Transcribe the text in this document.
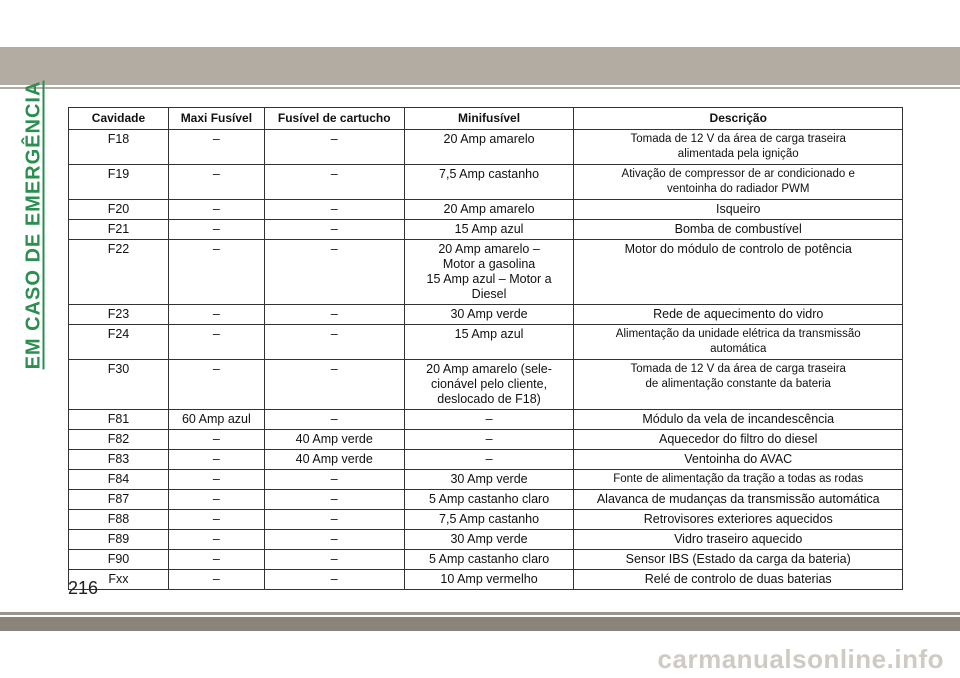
EM CASO DE EMERGÊNCIA	Cavidade	Maxi Fusível	Fusível de cartucho	Minifusível	Descrição
F18	–	–	20 Amp amarelo	Tomada de 12 V da área de carga traseira
alimentada pela ignição
F19	–	–	7,5 Amp castanho	Ativação de compressor de ar condicionado e
ventoinha do radiador PWM
F20	–	–	20 Amp amarelo	Isqueiro
F21	–	–	15 Amp azul	Bomba de combustível
F22	–	–	20 Amp amarelo –
Motor a gasolina
15 Amp azul – Motor a
Diesel	Motor do módulo de controlo de potência
F23	–	–	30 Amp verde	Rede de aquecimento do vidro
F24	–	–	15 Amp azul	Alimentação da unidade elétrica da transmissão
automática
F30	–	–	20 Amp amarelo (sele-
cionável pelo cliente,
deslocado de F18)	Tomada de 12 V da área de carga traseira
de alimentação constante da bateria
F81	60 Amp azul	–	–	Módulo da vela de incandescência
F82	–	40 Amp verde	–	Aquecedor do filtro do diesel
F83	–	40 Amp verde	–	Ventoinha do AVAC
F84	–	–	30 Amp verde	Fonte de alimentação da tração a todas as rodas
F87	–	–	5 Amp castanho claro	Alavanca de mudanças da transmissão automática
F88	–	–	7,5 Amp castanho	Retrovisores exteriores aquecidos
F89	–	–	30 Amp verde	Vidro traseiro aquecido
F90	–	–	5 Amp castanho claro	Sensor IBS (Estado da carga da bateria)
Fxx	–	–	10 Amp vermelho	Relé de controlo de duas baterias
216
carmanualsonline.info
